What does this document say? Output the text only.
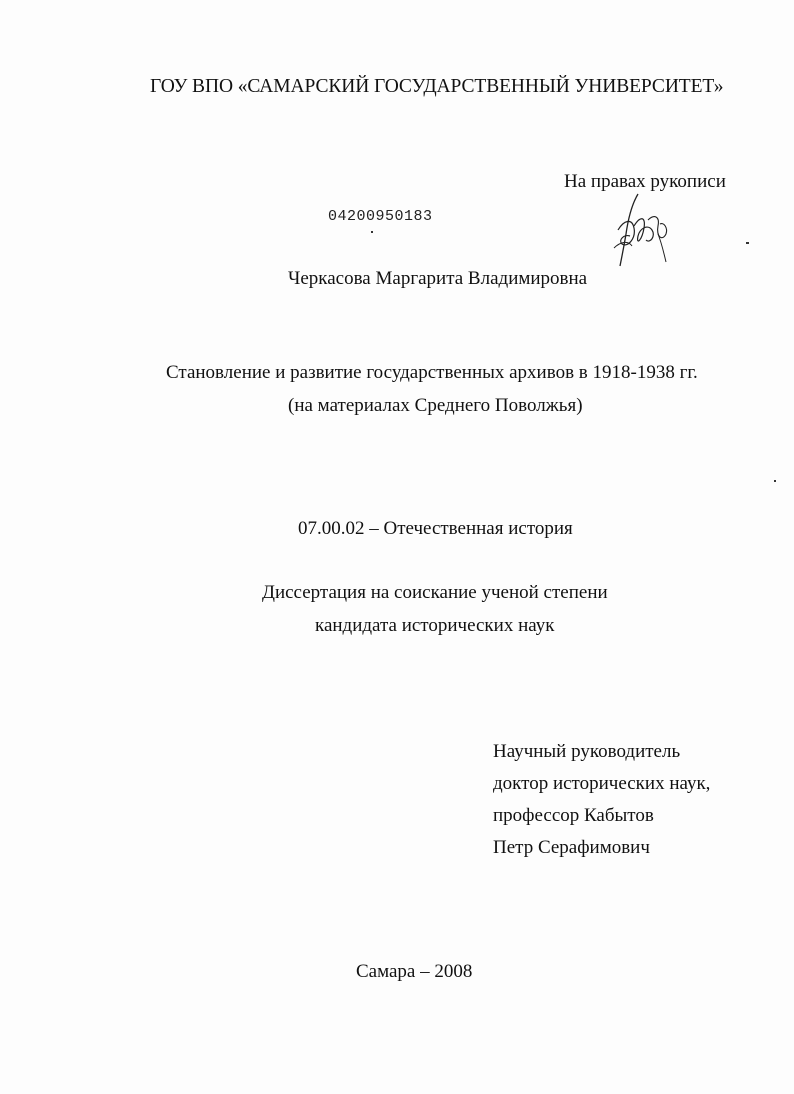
ГОУ ВПО «САМАРСКИЙ ГОСУДАРСТВЕННЫЙ УНИВЕРСИТЕТ»
На правах рукописи
04200950183
Черкасова Маргарита Владимировна
Становление и развитие государственных архивов в 1918-1938 гг.
(на материалах Среднего Поволжья)
07.00.02 – Отечественная история
Диссертация на соискание ученой степени
кандидата исторических наук
Научный руководитель
доктор исторических наук,
профессор Кабытов
Петр Серафимович
Самара – 2008
